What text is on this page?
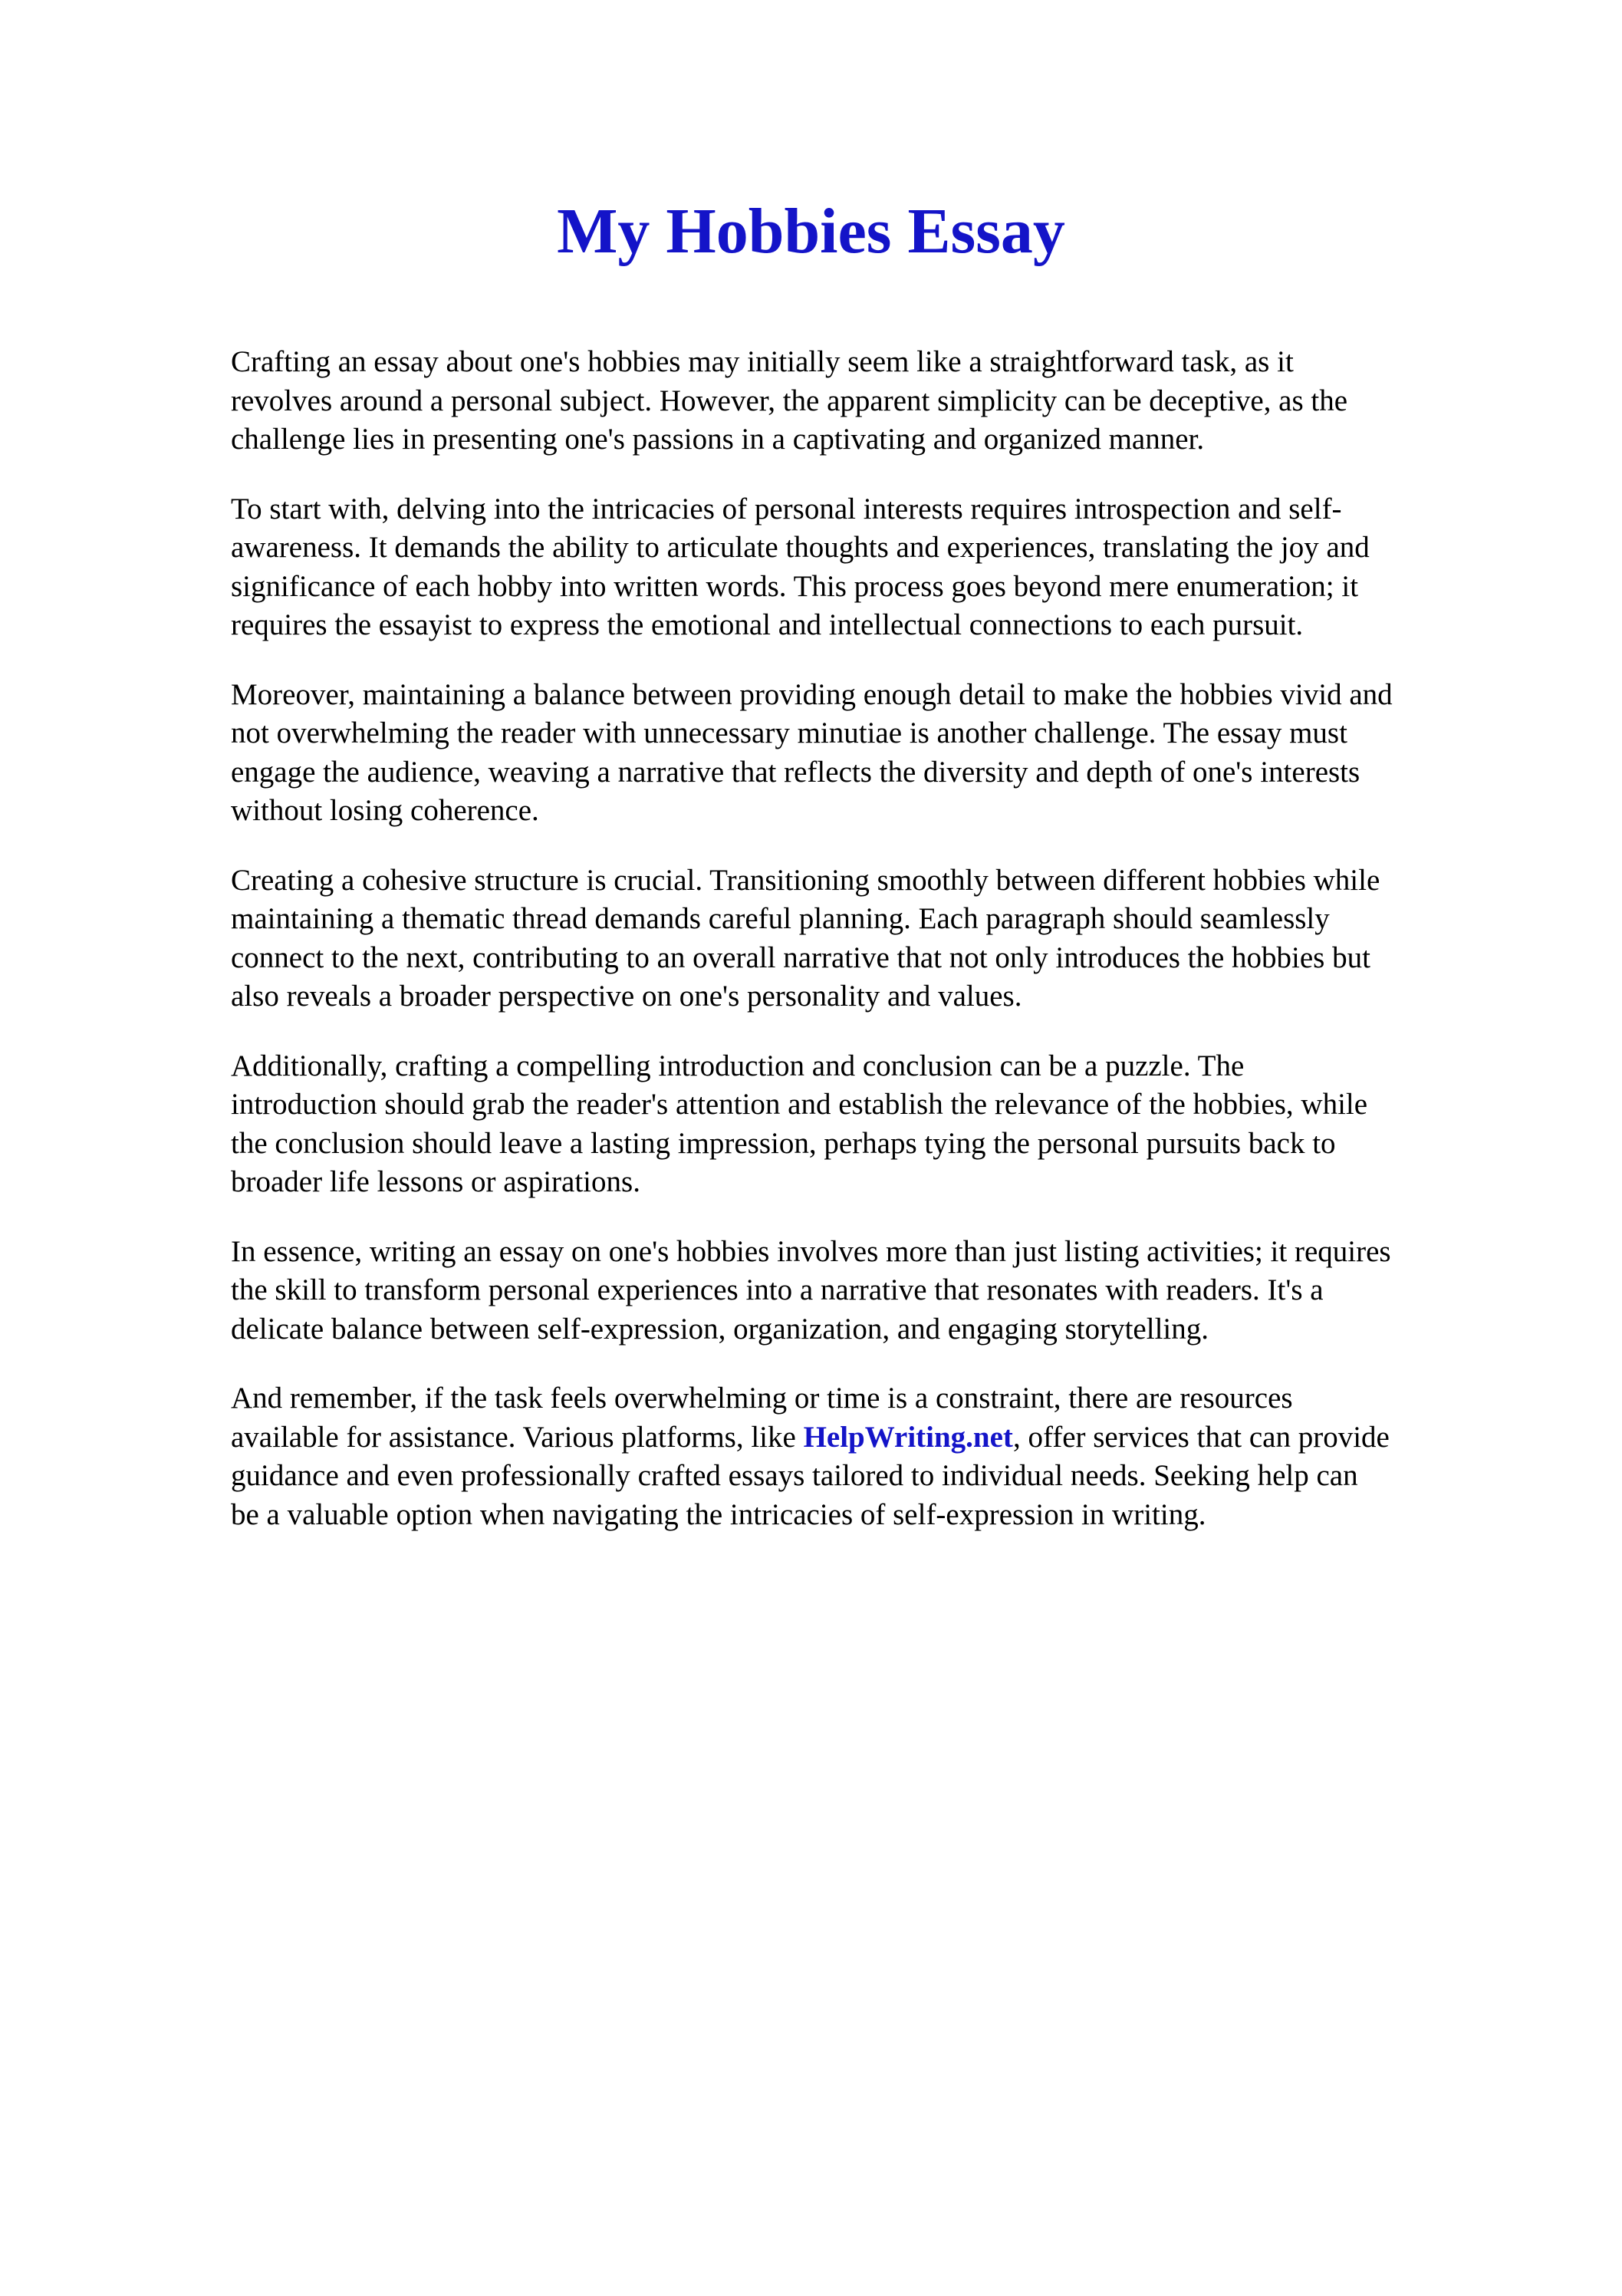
My Hobbies Essay

Crafting an essay about one's hobbies may initially seem like a straightforward task, as it
revolves around a personal subject. However, the apparent simplicity can be deceptive, as the
challenge lies in presenting one's passions in a captivating and organized manner.

To start with, delving into the intricacies of personal interests requires introspection and self-
awareness. It demands the ability to articulate thoughts and experiences, translating the joy and
significance of each hobby into written words. This process goes beyond mere enumeration; it
requires the essayist to express the emotional and intellectual connections to each pursuit.

Moreover, maintaining a balance between providing enough detail to make the hobbies vivid and
not overwhelming the reader with unnecessary minutiae is another challenge. The essay must
engage the audience, weaving a narrative that reflects the diversity and depth of one's interests
without losing coherence.

Creating a cohesive structure is crucial. Transitioning smoothly between different hobbies while
maintaining a thematic thread demands careful planning. Each paragraph should seamlessly
connect to the next, contributing to an overall narrative that not only introduces the hobbies but
also reveals a broader perspective on one's personality and values.

Additionally, crafting a compelling introduction and conclusion can be a puzzle. The
introduction should grab the reader's attention and establish the relevance of the hobbies, while
the conclusion should leave a lasting impression, perhaps tying the personal pursuits back to
broader life lessons or aspirations.

In essence, writing an essay on one's hobbies involves more than just listing activities; it requires
the skill to transform personal experiences into a narrative that resonates with readers. It's a
delicate balance between self-expression, organization, and engaging storytelling.

And remember, if the task feels overwhelming or time is a constraint, there are resources
available for assistance. Various platforms, like HelpWriting.net, offer services that can provide
guidance and even professionally crafted essays tailored to individual needs. Seeking help can
be a valuable option when navigating the intricacies of self-expression in writing.
